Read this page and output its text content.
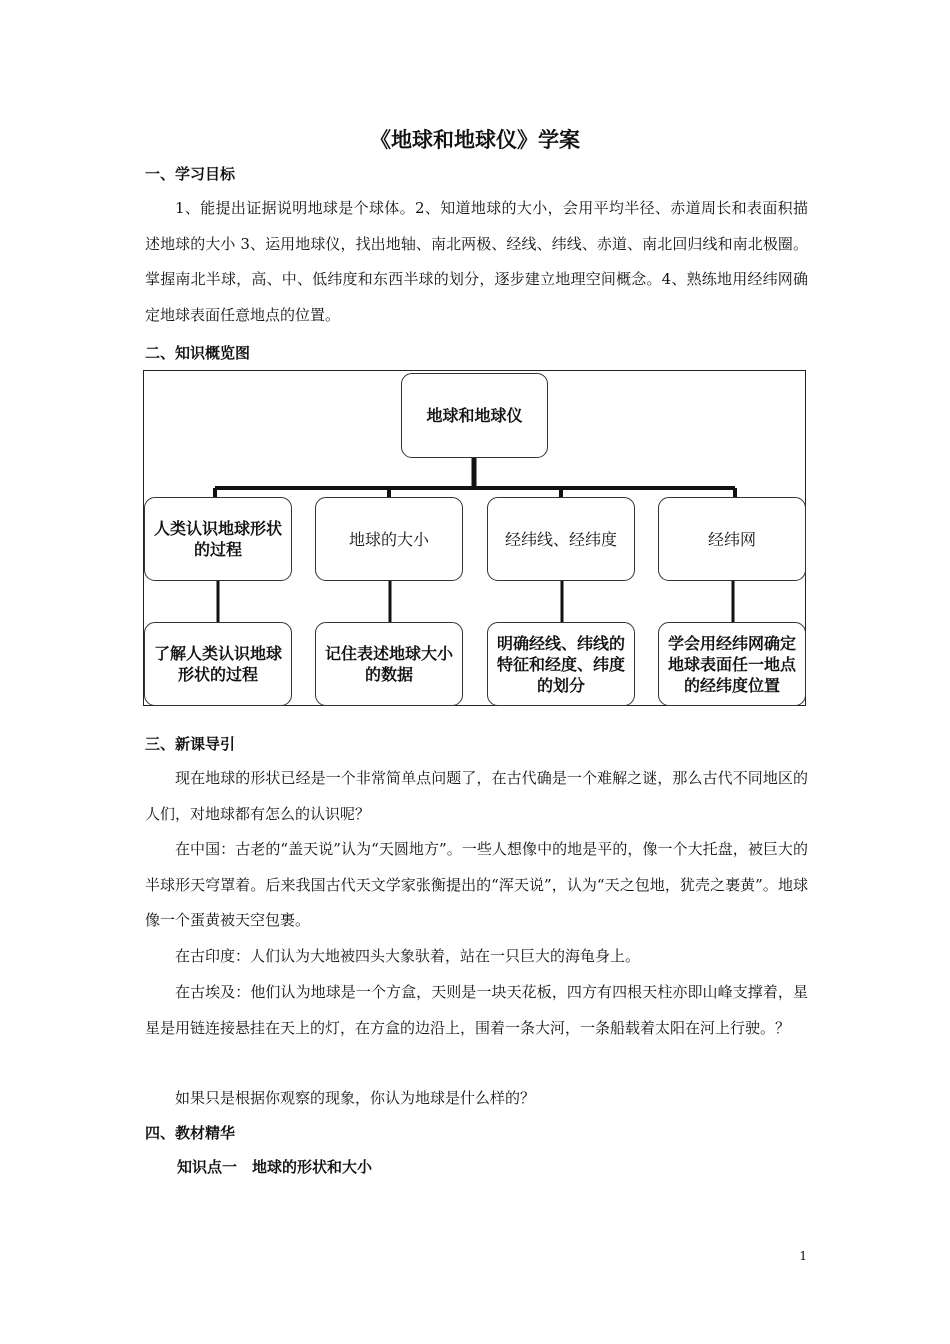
《地球和地球仪》学案
一、学习目标

1、能提出证据说明地球是个球体。2、知道地球的大小，会用平均半径、赤道周长和表面积描述地球的大小 3、运用地球仪，找出地轴、南北两极、经线、纬线、赤道、南北回归线和南北极圈。掌握南北半球，高、中、低纬度和东西半球的划分，逐步建立地理空间概念。4、熟练地用经纬网确定地球表面任意地点的位置。

二、知识概览图
地球和地球仪
人类认识地球形状的过程
地球的大小	经纬线、经纬度	经纬网
了解人类认识地球形状的过程
记住表述地球大小的数据
明确经线、纬线的特征和经度、纬度的划分
学会用经纬网确定地球表面任一地点的经纬度位置
三、新课导引

现在地球的形状已经是一个非常简单点问题了，在古代确是一个难解之谜，那么古代不同地区的人们，对地球都有怎么的认识呢？

在中国：古老的“盖天说”认为“天圆地方”。一些人想像中的地是平的，像一个大托盘，被巨大的半球形天穹罩着。后来我国古代天文学家张衡提出的“浑天说”，认为“天之包地，犹壳之裹黄”。地球像一个蛋黄被天空包裹。

在古印度：人们认为大地被四头大象驮着，站在一只巨大的海龟身上。

在古埃及：他们认为地球是一个方盒，天则是一块天花板，四方有四根天柱亦即山峰支撑着，星星是用链连接悬挂在天上的灯，在方盒的边沿上，围着一条大河，一条船载着太阳在河上行驶。？

如果只是根据你观察的现象，你认为地球是什么样的？

四、教材精华
知识点一　地球的形状和大小
1
